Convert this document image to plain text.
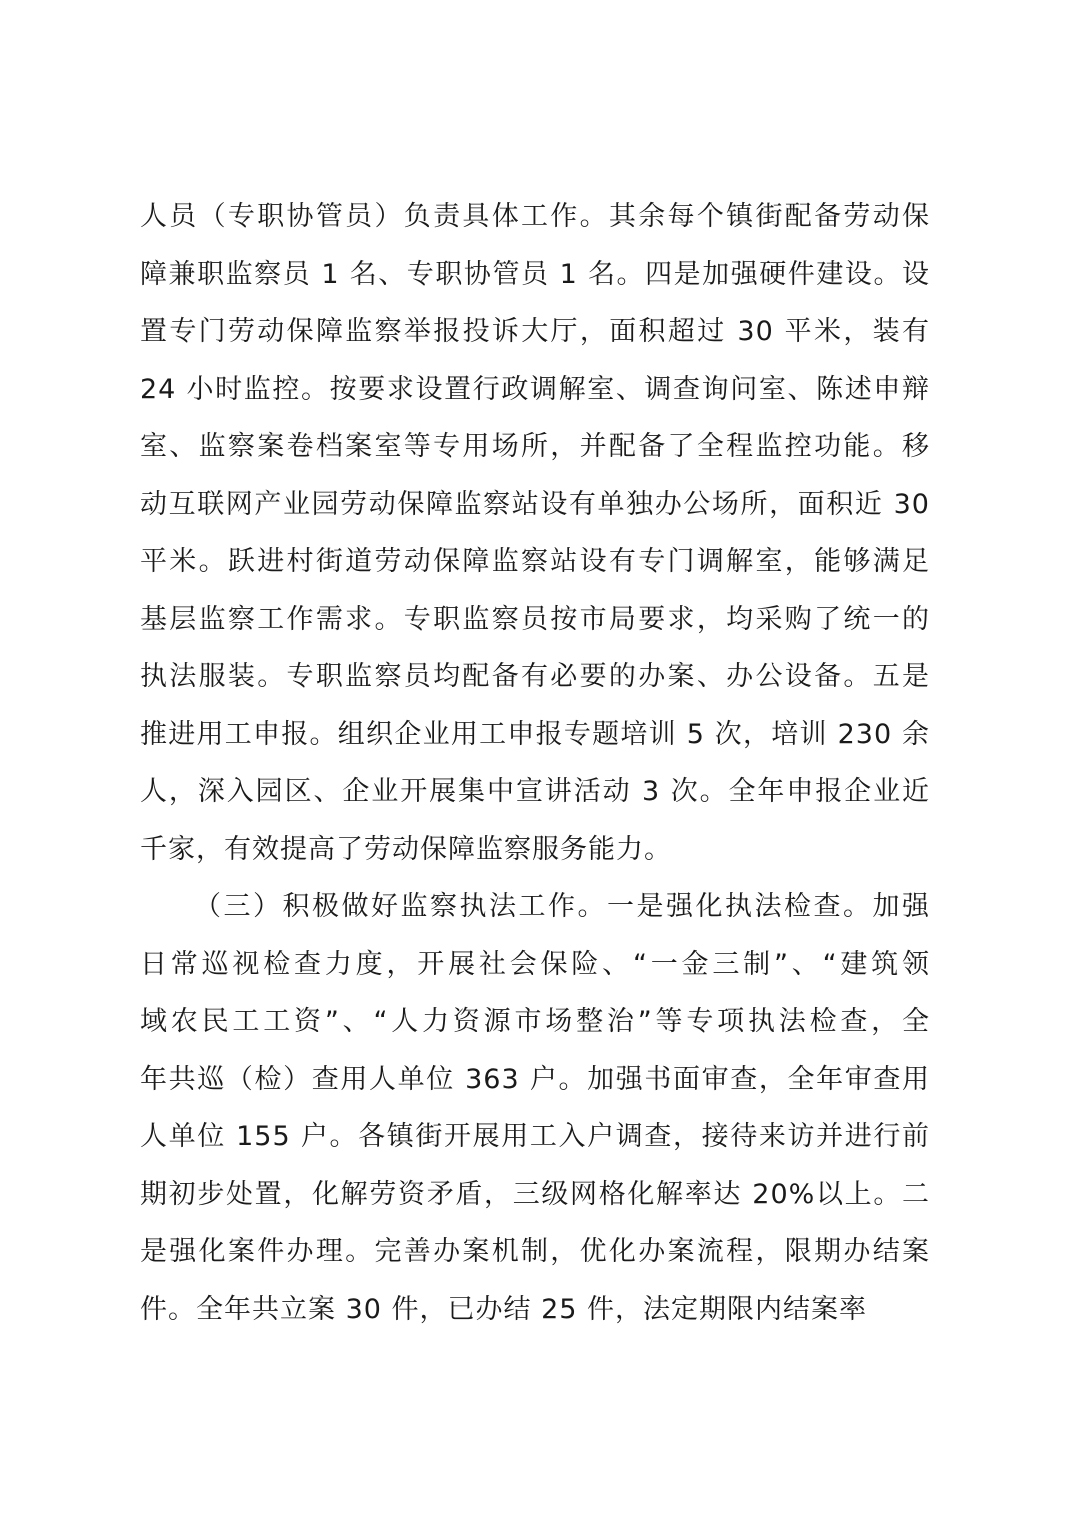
人员（专职协管员）负责具体工作。其余每个镇街配备劳动保
障兼职监察员 1 名、专职协管员 1 名。四是加强硬件建设。设
置专门劳动保障监察举报投诉大厅，面积超过 30 平米，装有
24 小时监控。按要求设置行政调解室、调查询问室、陈述申辩
室、监察案卷档案室等专用场所，并配备了全程监控功能。移
动互联网产业园劳动保障监察站设有单独办公场所，面积近 30
平米。跃进村街道劳动保障监察站设有专门调解室，能够满足
基层监察工作需求。专职监察员按市局要求，均采购了统一的
执法服装。专职监察员均配备有必要的办案、办公设备。五是
推进用工申报。组织企业用工申报专题培训 5 次，培训 230 余
人，深入园区、企业开展集中宣讲活动 3 次。全年申报企业近
千家，有效提高了劳动保障监察服务能力。
（三）积极做好监察执法工作。一是强化执法检查。加强
日常巡视检查力度，开展社会保险、“一金三制”、“建筑领
域农民工工资”、“人力资源市场整治”等专项执法检查，全
年共巡（检）查用人单位 363 户。加强书面审查，全年审查用
人单位 155 户。各镇街开展用工入户调查，接待来访并进行前
期初步处置，化解劳资矛盾，三级网格化解率达 20%以上。二
是强化案件办理。完善办案机制，优化办案流程，限期办结案
件。全年共立案 30 件，已办结 25 件，法定期限内结案率
